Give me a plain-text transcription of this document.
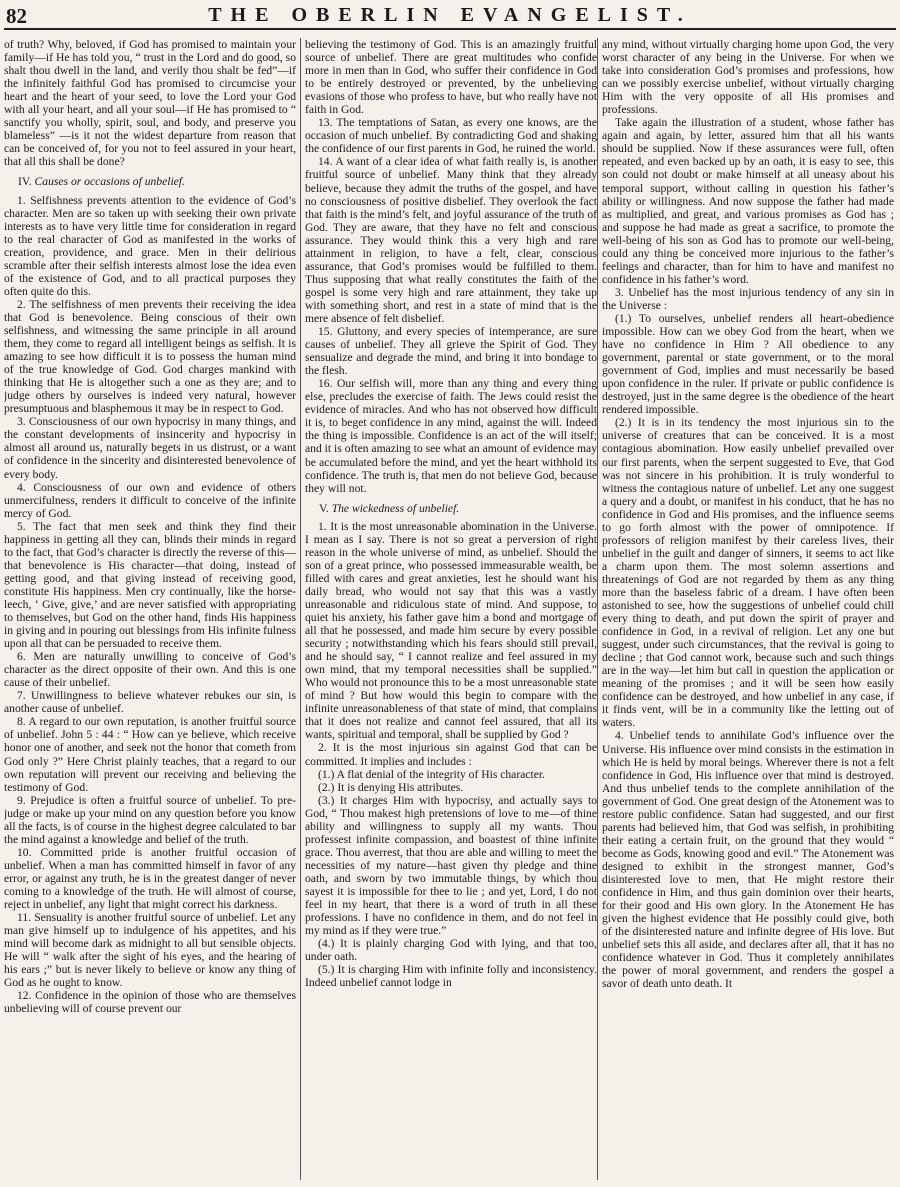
82	THE OBERLIN EVANGELIST.

of truth? Why, beloved, if God has promised to maintain your family—if He has told you, “ trust in the Lord and do good, so shalt thou dwell in the land, and verily thou shalt be fed”—if the infinitely faithful God has promised to circumcise your heart and the heart of your seed, to love the Lord your God with all your heart, and all your soul—if He has promised to “ sanctify you wholly, spirit, soul, and body, and preserve you blameless” —is it not the widest departure from reason that can be conceived of, for you not to feel assured in your heart, that all this shall be done?

IV. Causes or occasions of unbelief.

1. Selfishness prevents attention to the evidence of God’s character. Men are so taken up with seeking their own private interests as to have very little time for consideration in regard to the real character of God as manifested in the works of creation, providence, and grace. Men in their delirious scramble after their selfish interests almost lose the idea even of the existence of God, and to all practical purposes they often quite do this.

2. The selfishness of men prevents their receiving the idea that God is benevolence. Being conscious of their own selfishness, and witnessing the same principle in all around them, they come to regard all intelligent beings as selfish. It is amazing to see how difficult it is to possess the human mind of the true knowledge of God. God charges mankind with thinking that He is altogether such a one as they are; and to judge others by ourselves is indeed very natural, however presumptuous and blasphemous it may be in respect to God.

3. Consciousness of our own hypocrisy in many things, and the constant developments of insincerity and hypocrisy in almost all around us, naturally begets in us distrust, or a want of confidence in the sincerity and disinterested benevolence of every body.

4. Consciousness of our own and evidence of others unmercifulness, renders it difficult to conceive of the infinite mercy of God.

5. The fact that men seek and think they find their happiness in getting all they can, blinds their minds in regard to the fact, that God’s character is directly the reverse of this—that benevolence is His character—that doing, instead of getting good, and that giving instead of receiving good, constitute His happiness. Men cry continually, like the horse-leech, ‘ Give, give,’ and are never satisfied with appropriating to themselves, but God on the other hand, finds His happiness in giving and in pouring out blessings from His infinite fulness upon all that can be persuaded to receive them.

6. Men are naturally unwilling to conceive of God’s character as the direct opposite of their own. And this is one cause of their unbelief.

7. Unwillingness to believe whatever rebukes our sin, is another cause of unbelief.

8. A regard to our own reputation, is another fruitful source of unbelief. John 5 : 44 : “ How can ye believe, which receive honor one of another, and seek not the honor that cometh from God only ?” Here Christ plainly teaches, that a regard to our own reputation will prevent our receiving and believing the testimony of God.

9. Prejudice is often a fruitful source of unbelief. To pre-judge or make up your mind on any question before you know all the facts, is of course in the highest degree calculated to bar the mind against a knowledge and belief of the truth.

10. Committed pride is another fruitful occasion of unbelief. When a man has committed himself in favor of any error, or against any truth, he is in the greatest danger of never coming to a knowledge of the truth. He will almost of course, reject in unbelief, any light that might correct his darkness.

11. Sensuality is another fruitful source of unbelief. Let any man give himself up to indulgence of his appetites, and his mind will become dark as midnight to all but sensible objects. He will “ walk after the sight of his eyes, and the hearing of his ears ;” but is never likely to believe or know any thing of God as he ought to know.

12. Confidence in the opinion of those who are themselves unbelieving will of course prevent our

believing the testimony of God. This is an amazingly fruitful source of unbelief. There are great multitudes who confide more in men than in God, who suffer their confidence in God to be entirely destroyed or prevented, by the unbelieving evasions of those who profess to have, but who really have not faith in God.

13. The temptations of Satan, as every one knows, are the occasion of much unbelief. By contradicting God and shaking the confidence of our first parents in God, he ruined the world.

14. A want of a clear idea of what faith really is, is another fruitful source of unbelief. Many think that they already believe, because they admit the truths of the gospel, and have no consciousness of positive disbelief. They overlook the fact that faith is the mind’s felt, and joyful assurance of the truth of God. They are aware, that they have no felt and conscious assurance. They would think this a very high and rare attainment in religion, to have a felt, clear, conscious assurance, that God’s promises would be fulfilled to them. Thus supposing that what really constitutes the faith of the gospel is some very high and rare attainment, they take up with something short, and rest in a state of mind that is the mere absence of felt disbelief.

15. Gluttony, and every species of intemperance, are sure causes of unbelief. They all grieve the Spirit of God. They sensualize and degrade the mind, and bring it into bondage to the flesh.

16. Our selfish will, more than any thing and every thing else, precludes the exercise of faith. The Jews could resist the evidence of miracles. And who has not observed how difficult it is, to beget confidence in any mind, against the will. Indeed the thing is impossible. Confidence is an act of the will itself; and it is often amazing to see what an amount of evidence may be accumulated before the mind, and yet the heart withhold its confidence. The truth is, that men do not believe God, because they will not.

V. The wickedness of unbelief.

1. It is the most unreasonable abomination in the Universe. I mean as I say. There is not so great a perversion of right reason in the whole universe of mind, as unbelief. Should the son of a great prince, who possessed immeasurable wealth, be filled with cares and great anxieties, lest he should want his daily bread, who would not say that this was a vastly unreasonable and ridiculous state of mind. And suppose, to quiet his anxiety, his father gave him a bond and mortgage of all that he possessed, and made him secure by every possible security ; notwithstanding which his fears should still prevail, and he should say, “ I cannot realize and feel assured in my own mind, that my temporal necessities shall be supplied.” Who would not pronounce this to be a most unreasonable state of mind ? But how would this begin to compare with the infinite unreasonableness of that state of mind, that complains that it does not realize and cannot feel assured, that all its wants, spiritual and temporal, shall be supplied by God ?

2. It is the most injurious sin against God that can be committed. It implies and includes :

(1.) A flat denial of the integrity of His character.

(2.) It is denying His attributes.

(3.) It charges Him with hypocrisy, and actually says to God, “ Thou makest high pretensions of love to me—of thine ability and willingness to supply all my wants. Thou professest infinite compassion, and boastest of thine infinite grace. Thou averrest, that thou are able and willing to meet the necessities of my nature—hast given thy pledge and thine oath, and sworn by two immutable things, by which thou sayest it is impossible for thee to lie ; and yet, Lord, I do not feel in my heart, that there is a word of truth in all these professions. I have no confidence in them, and do not feel in my mind as if they were true.”

(4.) It is plainly charging God with lying, and that too, under oath.

(5.) It is charging Him with infinite folly and inconsistency. Indeed unbelief cannot lodge in

any mind, without virtually charging home upon God, the very worst character of any being in the Universe. For when we take into consideration God’s promises and professions, how can we possibly exercise unbelief, without virtually charging Him with the very opposite of all His promises and professions.

Take again the illustration of a student, whose father has again and again, by letter, assured him that all his wants should be supplied. Now if these assurances were full, often repeated, and even backed up by an oath, it is easy to see, this son could not doubt or make himself at all uneasy about his temporal support, without calling in question his father’s ability or willingness. And now suppose the father had made as multiplied, and great, and various promises as God has ; and suppose he had made as great a sacrifice, to promote the well-being of his son as God has to promote our well-being, could any thing be conceived more injurious to the father’s feelings and character, than for him to have and manifest no confidence in his father’s word.

3. Unbelief has the most injurious tendency of any sin in the Universe :

(1.) To ourselves, unbelief renders all heart-obedience impossible. How can we obey God from the heart, when we have no confidence in Him ? All obedience to any government, parental or state government, or to the moral government of God, implies and must necessarily be based upon confidence in the ruler. If private or public confidence is destroyed, just in the same degree is the obedience of the heart rendered impossible.

(2.) It is in its tendency the most injurious sin to the universe of creatures that can be conceived. It is a most contagious abomination. How easily unbelief prevailed over our first parents, when the serpent suggested to Eve, that God was not sincere in his prohibition. It is truly wonderful to witness the contagious nature of unbelief. Let any one suggest a query and a doubt, or manifest in his conduct, that he has no confidence in God and His promises, and the influence seems to go forth almost with the power of omnipotence. If professors of religion manifest by their careless lives, their unbelief in the guilt and danger of sinners, it seems to act like a charm upon them. The most solemn assertions and threatenings of God are not regarded by them as any thing more than the baseless fabric of a dream. I have often been astonished to see, how the suggestions of unbelief could chill every thing to death, and put down the spirit of prayer and confidence in God, in a revival of religion. Let any one but suggest, under such circumstances, that the revival is going to decline ; that God cannot work, because such and such things are in the way—let him but call in question the application or meaning of the promises ; and it will be seen how easily confidence can be destroyed, and how unbelief in any case, if it finds vent, will be in a community like the letting out of waters.

4. Unbelief tends to annihilate God’s influence over the Universe. His influence over mind consists in the estimation in which He is held by moral beings. Wherever there is not a felt confidence in God, His influence over that mind is destroyed. And thus unbelief tends to the complete annihilation of the government of God. One great design of the Atonement was to restore public confidence. Satan had suggested, and our first parents had believed him, that God was selfish, in prohibiting their eating a certain fruit, on the ground that they would “ become as Gods, knowing good and evil.” The Atonement was designed to exhibit in the strongest manner, God’s disinterested love to men, that He might restore their confidence in Him, and thus gain dominion over their hearts, for their good and His own glory. In the Atonement He has given the highest evidence that He possibly could give, both of the disinterested nature and infinite degree of His love. But unbelief sets this all aside, and declares after all, that it has no confidence whatever in God. Thus it completely annihilates the power of moral government, and renders the gospel a savor of death unto death. It
